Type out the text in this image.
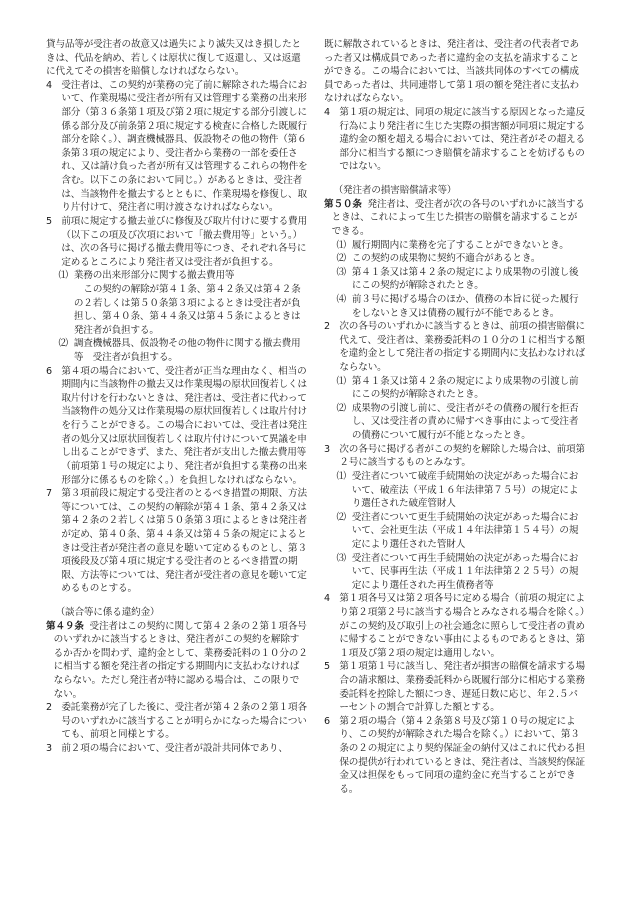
貸与品等が受注者の故意又は過失により滅失又はき損したときは、代品を納め、若しくは原状に復して返還し、又は返還に代えてその損害を賠償しなければならない。

4 受注者は、この契約が業務の完了前に解除された場合において、作業現場に受注者が所有又は管理する業務の出来形部分（第３６条第１項及び第２項に規定する部分引渡しに係る部分及び前条第２項に規定する検査に合格した既履行部分を除く。）、調査機械器具、仮設物その他の物件（第６条第３項の規定により、受注者から業務の一部を委任され、又は請け負った者が所有又は管理するこれらの物件を含む。以下この条において同じ。）があるときは、受注者は、当該物件を撤去するとともに、作業現場を修復し、取り片付けて、発注者に明け渡さなければならない。

5 前項に規定する撤去並びに修復及び取片付けに要する費用（以下この項及び次項において「撤去費用等」という。）は、次の各号に掲げる撤去費用等につき、それぞれ各号に定めるところにより発注者又は受注者が負担する。

⑴ 業務の出来形部分に関する撤去費用等

この契約の解除が第４１条、第４２条又は第４２条の２若しくは第５０条第３項によるときは受注者が負担し、第４０条、第４４条又は第４５条によるときは発注者が負担する。

⑵ 調査機械器具、仮設物その他の物件に関する撤去費用等　受注者が負担する。

6 第４項の場合において、受注者が正当な理由なく、相当の期間内に当該物件の撤去又は作業現場の原状回復若しくは取片付けを行わないときは、発注者は、受注者に代わって当該物件の処分又は作業現場の原状回復若しくは取片付けを行うことができる。この場合においては、受注者は発注者の処分又は原状回復若しくは取片付けについて異議を申し出ることができず、また、発注者が支出した撤去費用等（前項第１号の規定により、発注者が負担する業務の出来形部分に係るものを除く。）を負担しなければならない。

7 第３項前段に規定する受注者のとるべき措置の期限、方法等については、この契約の解除が第４１条、第４２条又は第４２条の２若しくは第５０条第３項によるときは発注者が定め、第４０条、第４４条又は第４５条の規定によるときは受注者が発注者の意見を聴いて定めるものとし、第３項後段及び第４項に規定する受注者のとるべき措置の期限、方法等については、発注者が受注者の意見を聴いて定めるものとする。

（談合等に係る違約金）

第４９条 受注者はこの契約に関して第４２条の２第１項各号のいずれかに該当するときは、発注者がこの契約を解除するか否かを問わず、違約金として、業務委託料の１０分の２に相当する額を発注者の指定する期間内に支払わなければならない。ただし発注者が特に認める場合は、この限りでない。

2 委託業務が完了した後に、受注者が第４２条の２第１項各号のいずれかに該当することが明らかになった場合についても、前項と同様とする。

3 前２項の場合において、受注者が設計共同体であり、

既に解散されているときは、発注者は、受注者の代表者であった者又は構成員であった者に違約金の支払を請求することができる。この場合においては、当該共同体のすべての構成員であった者は、共同連帯して第１項の額を発注者に支払わなければならない。

4 第１項の規定は、同項の規定に該当する原因となった違反行為により発注者に生じた実際の損害額が同項に規定する違約金の額を超える場合においては、発注者がその超える部分に相当する額につき賠償を請求することを妨げるものではない。

（発注者の損害賠償請求等）

第５０条 発注者は、受注者が次の各号のいずれかに該当するときは、これによって生じた損害の賠償を請求することができる。

⑴ 履行期間内に業務を完了することができないとき。

⑵ この契約の成果物に契約不適合があるとき。

⑶ 第４１条又は第４２条の規定により成果物の引渡し後にこの契約が解除されたとき。

⑷ 前３号に掲げる場合のほか、債務の本旨に従った履行をしないとき又は債務の履行が不能であるとき。

2 次の各号のいずれかに該当するときは、前項の損害賠償に代えて、受注者は、業務委託料の１０分の１に相当する額を違約金として発注者の指定する期間内に支払わなければならない。

⑴ 第４１条又は第４２条の規定により成果物の引渡し前にこの契約が解除されたとき。

⑵ 成果物の引渡し前に、受注者がその債務の履行を拒否し、又は受注者の責めに帰すべき事由によって受注者の債務について履行が不能となったとき。

3 次の各号に掲げる者がこの契約を解除した場合は、前項第２号に該当するものとみなす。

⑴ 受注者について破産手続開始の決定があった場合において、破産法（平成１６年法律第７５号）の規定により選任された破産管財人

⑵ 受注者について更生手続開始の決定があった場合において、会社更生法（平成１４年法律第１５４号）の規定により選任された管財人

⑶ 受注者について再生手続開始の決定があった場合において、民事再生法（平成１１年法律第２２５号）の規定により選任された再生債務者等

4 第１項各号又は第２項各号に定める場合（前項の規定により第２項第２号に該当する場合とみなされる場合を除く。）がこの契約及び取引上の社会通念に照らして受注者の責めに帰することができない事由によるものであるときは、第１項及び第２項の規定は適用しない。

5 第１項第１号に該当し、発注者が損害の賠償を請求する場合の請求額は、業務委託料から既履行部分に相応する業務委託料を控除した額につき、遅延日数に応じ、年２.５パーセントの割合で計算した額とする。

6 第２項の場合（第４２条第８号及び第１０号の規定により、この契約が解除された場合を除く。）において、第３条の２の規定により契約保証金の納付又はこれに代わる担保の提供が行われているときは、発注者は、当該契約保証金又は担保をもって同項の違約金に充当することができる。
